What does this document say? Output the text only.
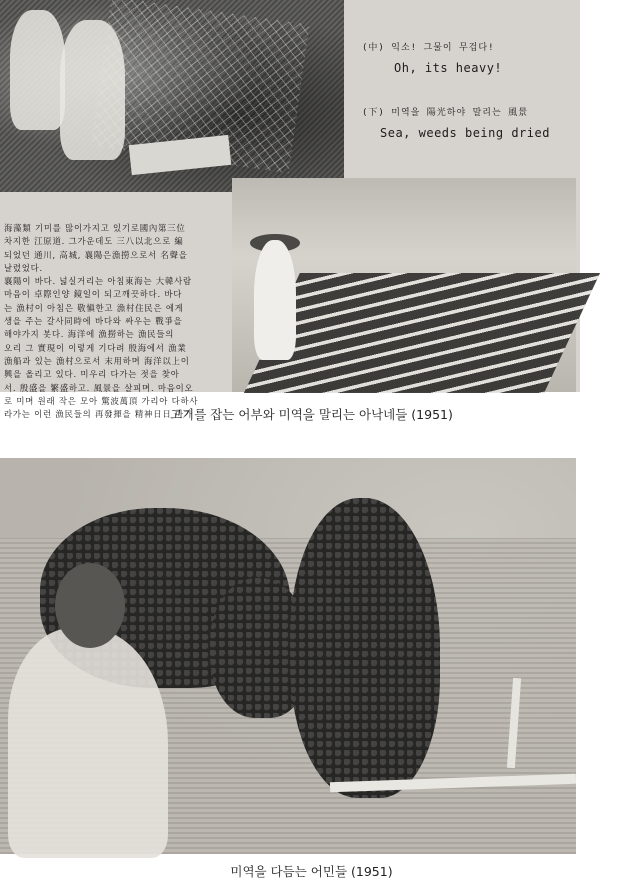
(中) 익소! 그물이 무겁다!
Oh, its heavy!
(下) 미역을 陽光하야 말리는 風景
Sea, weeds being dried
海藻類 기미를 많이가지고 있기로國內第三位
차지한 江原道. 그가운데도 三八以北으로 編
되었던 通川, 高城, 襄陽은漁撈으로서 名聲을
날렸었다.
襄陽이 바다. 넓실거리는 아침東海는 大韓사람
마음이 卓際인양 鏡일이 되고깨끗하다. 바다
는 漁村이 아침은 敬愼한고 漁村住民은 에게
생을 주는 갈사同時에 바다와 싸우는 戰爭을
해야가지 봇다. 海洋에 漁撈하는 漁民들의
오리 그 實現이 이렇게 기다려 殷海에서 漁業
漁船과 있는 漁村으로서 末用하며 海洋以上이
興을 올리고 있다. 미우리 다가는 젓을 찾아
서. 殷盛을 繁盛하고. 風景을 살피며. 마음이오
로 미며 원래 작은 모아 驚波萬頂 가리아 다하사
라가는 이런 漁民들의 再發揮을 精神日日 마가
고기를 잡는 어부와 미역을 말리는 아낙네들 (1951)
미역을 다듬는 어민들 (1951)
